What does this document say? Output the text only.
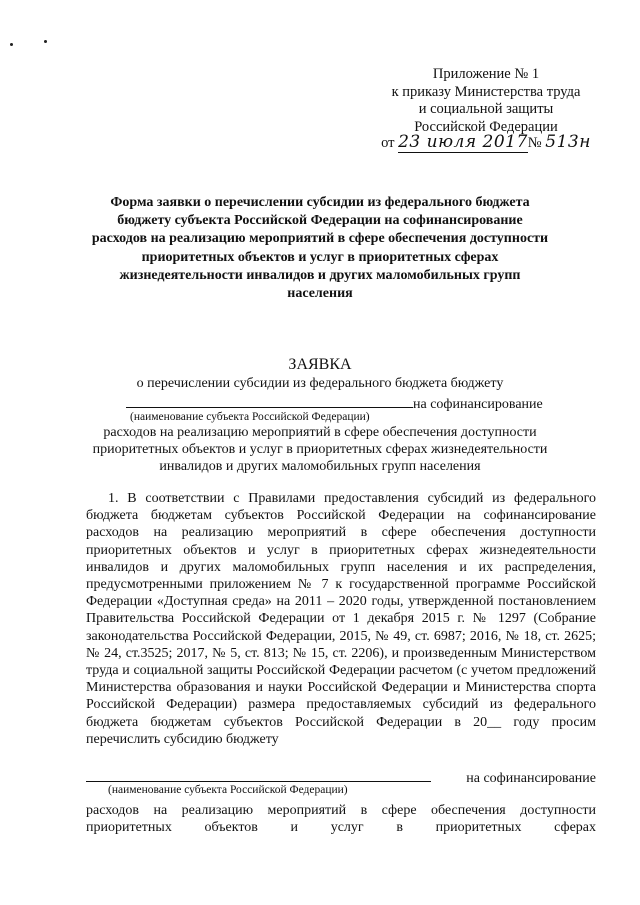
Приложение № 1
к приказу Министерства труда
и социальной защиты
Российской Федерации
от 23 июля 2017№ 513н
Форма заявки о перечислении субсидии из федерального бюджета
бюджету субъекта Российской Федерации на софинансирование
расходов на реализацию мероприятий в сфере обеспечения доступности
приоритетных объектов и услуг в приоритетных сферах
жизнедеятельности инвалидов и других маломобильных групп
населения
ЗАЯВКА
о перечислении субсидии из федерального бюджета бюджету
на софинансирование
(наименование субъекта Российской Федерации)
расходов на реализацию мероприятий в сфере обеспечения доступности
приоритетных объектов и услуг в приоритетных сферах жизнедеятельности
инвалидов и других маломобильных групп населения
1. В соответствии с Правилами предоставления субсидий из федерального бюджета бюджетам субъектов Российской Федерации на софинансирование расходов на реализацию мероприятий в сфере обеспечения доступности приоритетных объектов и услуг в приоритетных сферах жизнедеятельности инвалидов и других маломобильных групп населения и их распределения, предусмотренными приложением № 7 к государственной программе Российской Федерации «Доступная среда» на 2011 – 2020 годы, утвержденной постановлением Правительства Российской Федерации от 1 декабря 2015 г. № 1297 (Собрание законодательства Российской Федерации, 2015, № 49, ст. 6987; 2016, № 18, ст. 2625; № 24, ст.3525; 2017, № 5, ст. 813; № 15, ст. 2206), и произведенным Министерством труда и социальной защиты Российской Федерации расчетом (с учетом предложений Министерства образования и науки Российской Федерации и Министерства спорта Российской Федерации) размера предоставляемых субсидий из федерального бюджета бюджетам субъектов Российской Федерации в 20__ году просим перечислить субсидию бюджету
на софинансирование
(наименование субъекта Российской Федерации)
расходов на реализацию мероприятий в сфере обеспечения доступности
приоритетных объектов и услуг в приоритетных сферах
